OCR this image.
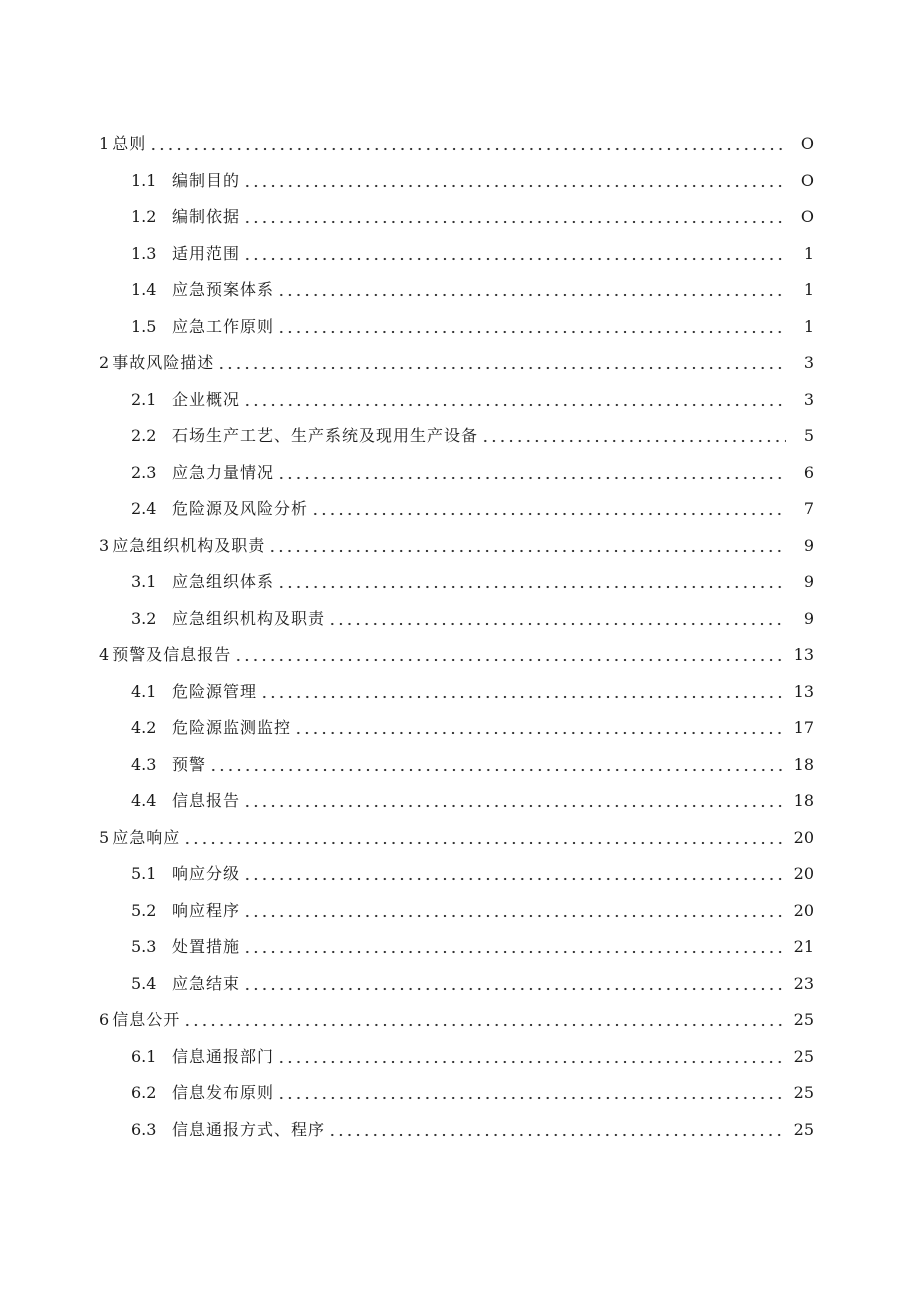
1 总则	O
1.1 编制目的	O
1.2 编制依据	O
1.3 适用范围	1
1.4 应急预案体系	1
1.5 应急工作原则	1
2 事故风险描述	3
2.1 企业概况	3
2.2 石场生产工艺、生产系统及现用生产设备	5
2.3 应急力量情况	6
2.4 危险源及风险分析	7
3 应急组织机构及职责	9
3.1 应急组织体系	9
3.2 应急组织机构及职责	9
4 预警及信息报告	13
4.1 危险源管理	13
4.2 危险源监测监控	17
4.3 预警	18
4.4 信息报告	18
5 应急响应	20
5.1 响应分级	20
5.2 响应程序	20
5.3 处置措施	21
5.4 应急结束	23
6 信息公开	25
6.1 信息通报部门	25
6.2 信息发布原则	25
6.3 信息通报方式、程序	25
